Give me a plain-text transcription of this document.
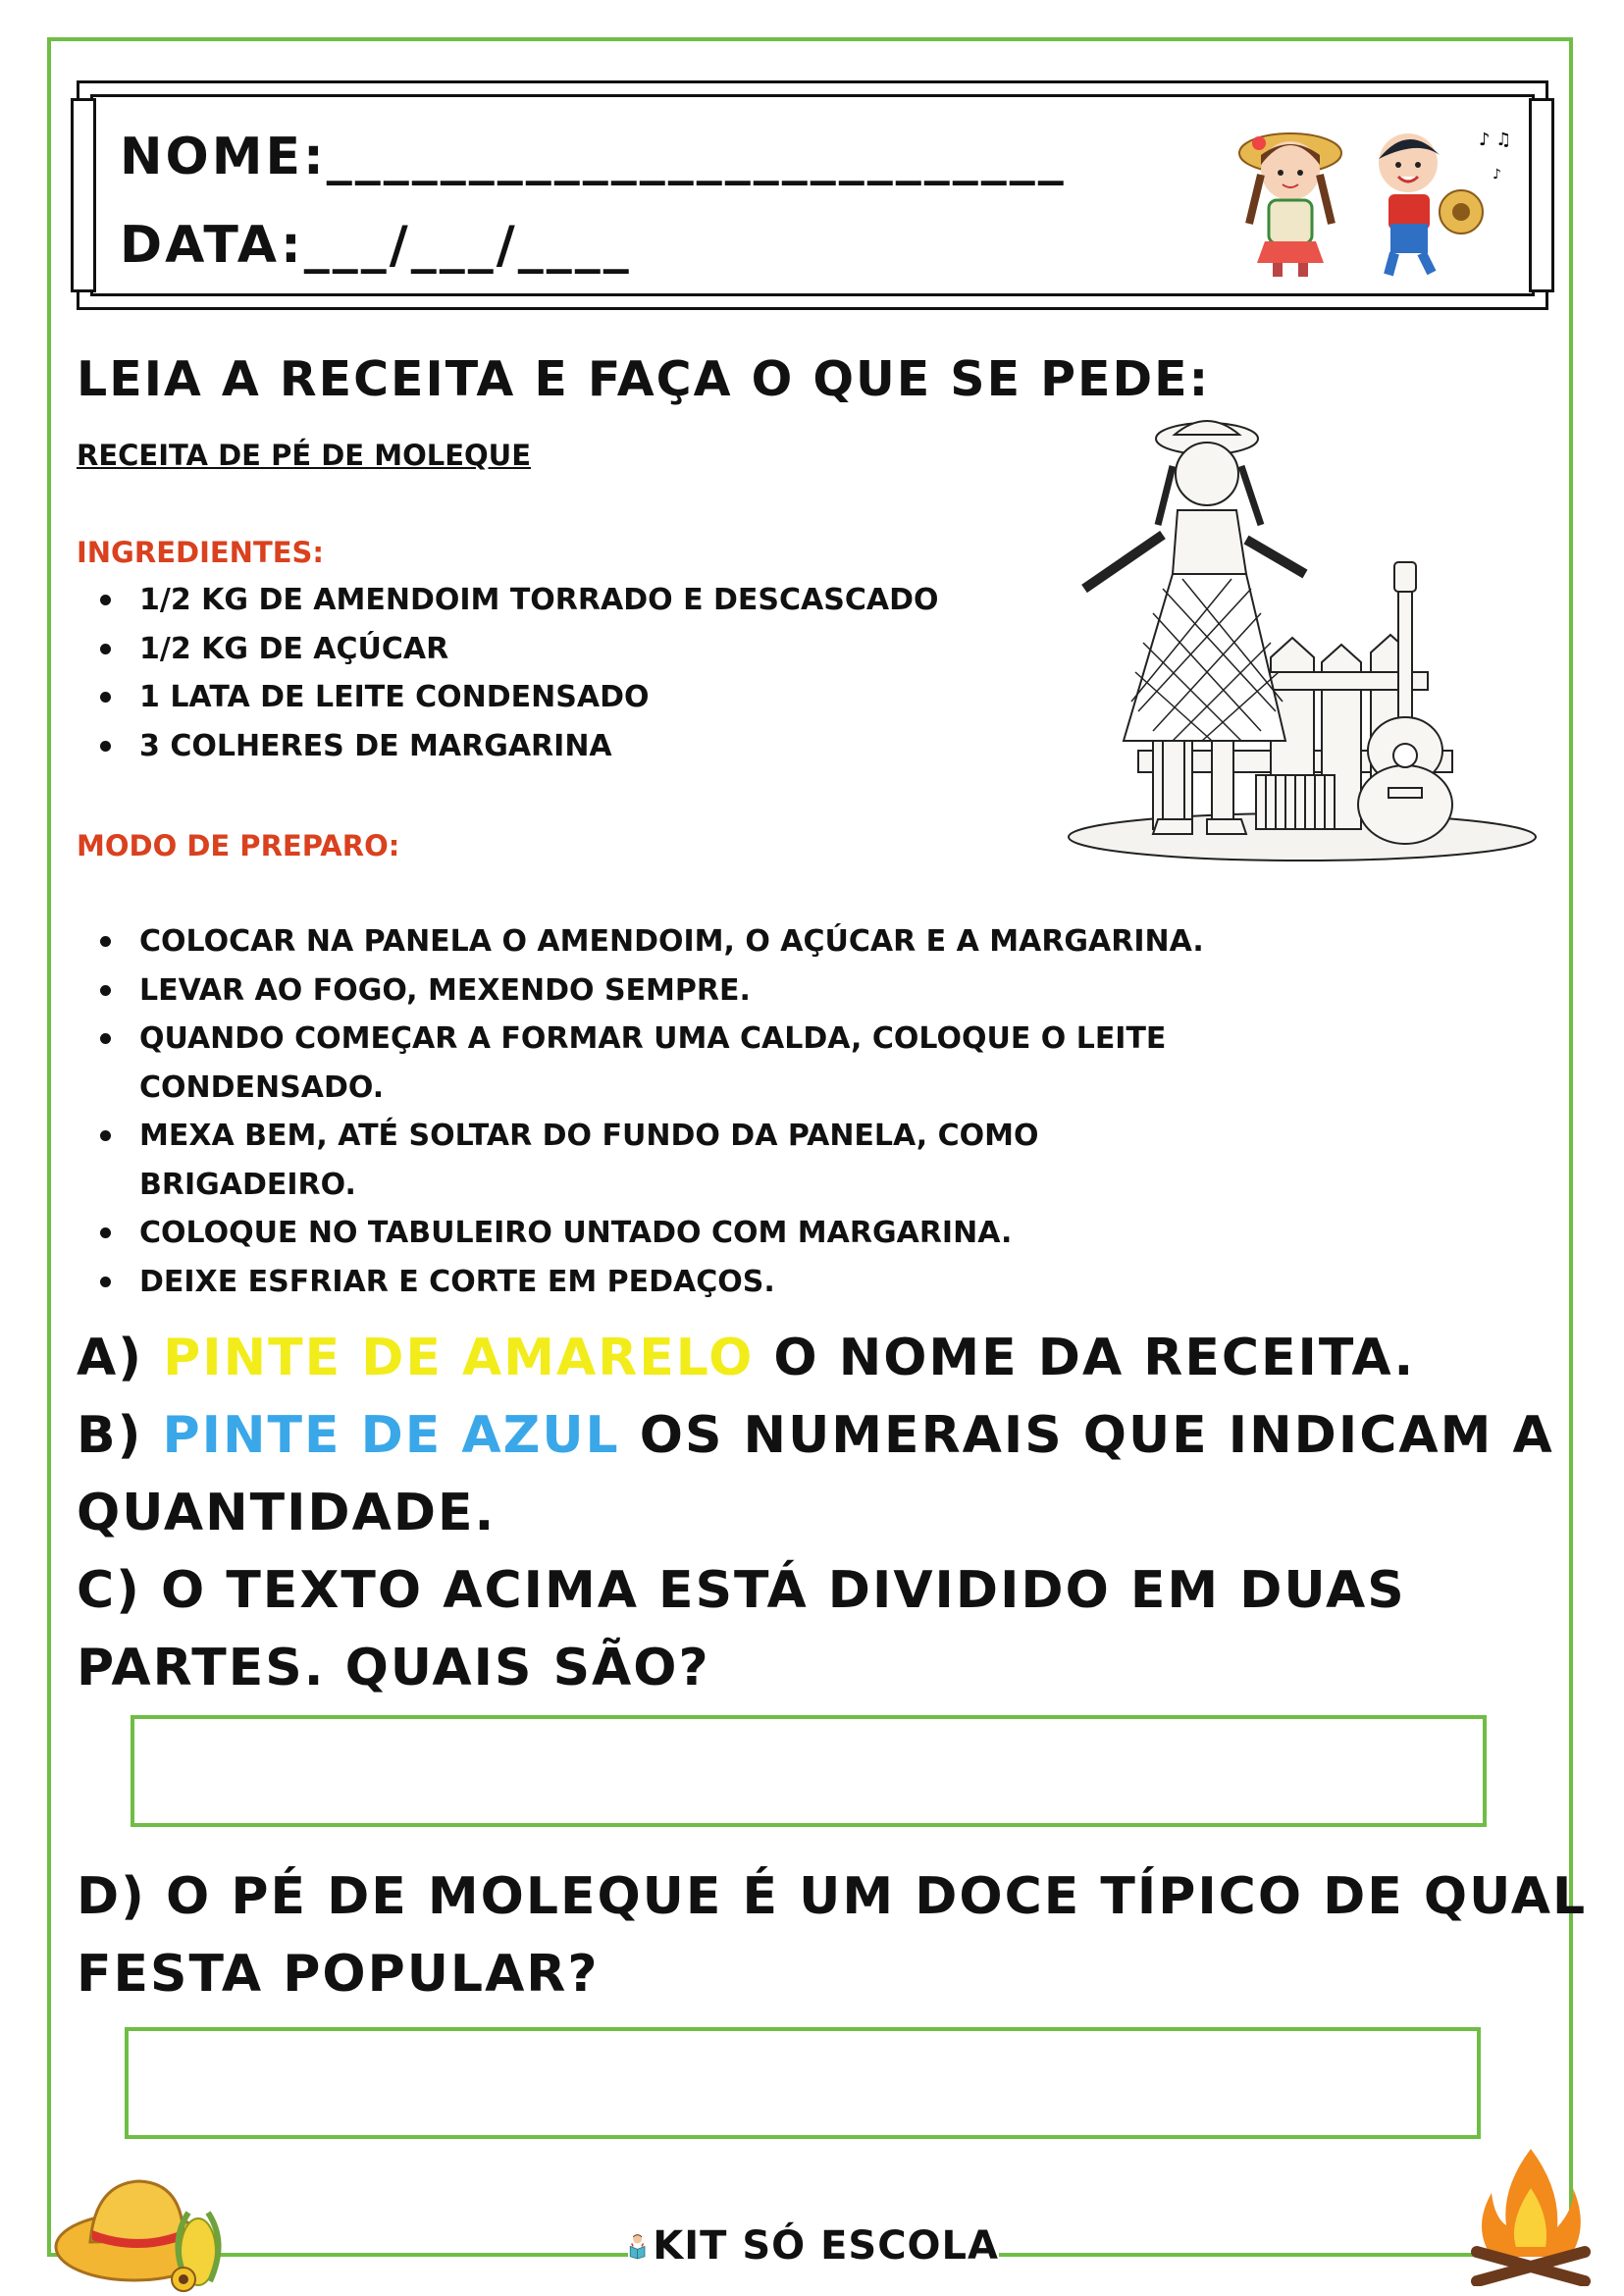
NOME:__________________________
DATA:___/___/____
♪ ♫
♪
LEIA A RECEITA E FAÇA O QUE SE PEDE:
RECEITA DE PÉ DE MOLEQUE
INGREDIENTES:
1/2 KG DE AMENDOIM TORRADO E DESCASCADO
1/2 KG DE AÇÚCAR
1 LATA DE LEITE CONDENSADO
3 COLHERES DE MARGARINA
MODO DE PREPARO:
COLOCAR NA PANELA O AMENDOIM, O AÇÚCAR E A MARGARINA.
LEVAR AO FOGO, MEXENDO SEMPRE.
QUANDO COMEÇAR A FORMAR UMA CALDA, COLOQUE O LEITE
CONDENSADO.
MEXA BEM, ATÉ SOLTAR DO FUNDO DA PANELA, COMO
BRIGADEIRO.
COLOQUE NO TABULEIRO UNTADO COM MARGARINA.
DEIXE ESFRIAR E CORTE EM PEDAÇOS.
A) PINTE DE AMARELO O NOME DA RECEITA.
B) PINTE DE AZUL OS NUMERAIS QUE INDICAM A
QUANTIDADE.
C) O TEXTO ACIMA ESTÁ DIVIDIDO EM DUAS
PARTES. QUAIS SÃO?
D) O PÉ DE MOLEQUE É UM DOCE TÍPICO DE QUAL
FESTA POPULAR?
KIT SÓ ESCOLA
